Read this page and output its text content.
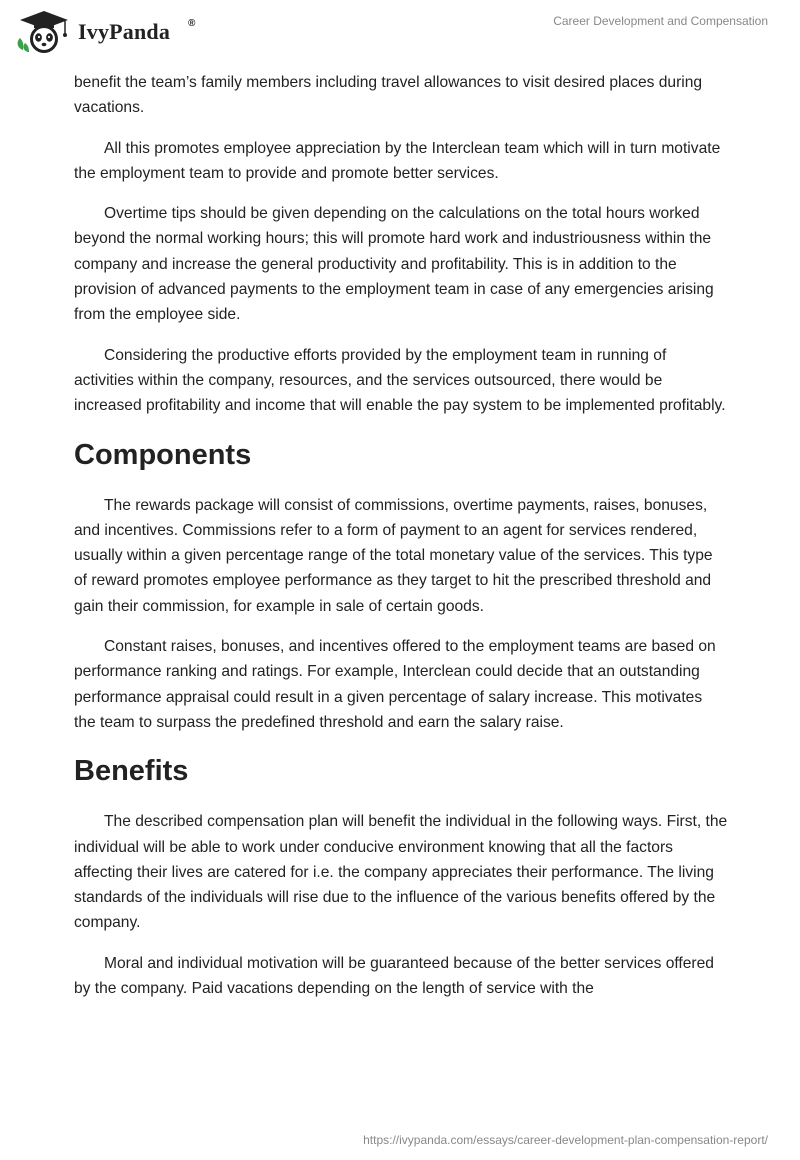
IvyPanda ®	Career Development and Compensation

benefit the team’s family members including travel allowances to visit desired places during vacations.

All this promotes employee appreciation by the Interclean team which will in turn motivate the employment team to provide and promote better services.

Overtime tips should be given depending on the calculations on the total hours worked beyond the normal working hours; this will promote hard work and industriousness within the company and increase the general productivity and profitability. This is in addition to the provision of advanced payments to the employment team in case of any emergencies arising from the employee side.

Considering the productive efforts provided by the employment team in running of activities within the company, resources, and the services outsourced, there would be increased profitability and income that will enable the pay system to be implemented profitably.

Components

The rewards package will consist of commissions, overtime payments, raises, bonuses, and incentives. Commissions refer to a form of payment to an agent for services rendered, usually within a given percentage range of the total monetary value of the services. This type of reward promotes employee performance as they target to hit the prescribed threshold and gain their commission, for example in sale of certain goods.

Constant raises, bonuses, and incentives offered to the employment teams are based on performance ranking and ratings. For example, Interclean could decide that an outstanding performance appraisal could result in a given percentage of salary increase. This motivates the team to surpass the predefined threshold and earn the salary raise.

Benefits

The described compensation plan will benefit the individual in the following ways. First, the individual will be able to work under conducive environment knowing that all the factors affecting their lives are catered for i.e. the company appreciates their performance. The living standards of the individuals will rise due to the influence of the various benefits offered by the company.

Moral and individual motivation will be guaranteed because of the better services offered by the company. Paid vacations depending on the length of service with the

https://ivypanda.com/essays/career-development-plan-compensation-report/
